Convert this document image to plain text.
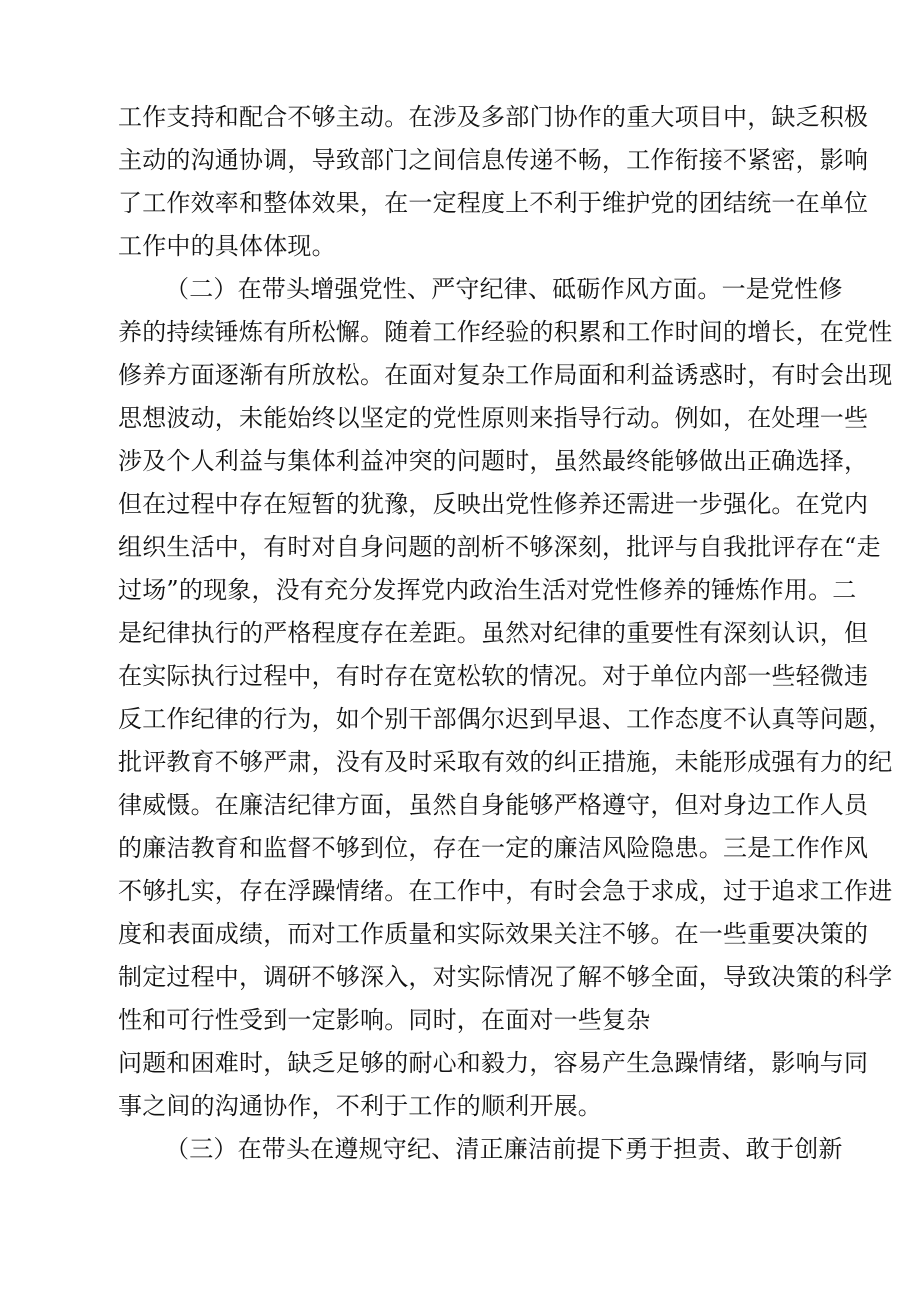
工作支持和配合不够主动。在涉及多部门协作的重大项目中，缺乏积极
主动的沟通协调，导致部门之间信息传递不畅，工作衔接不紧密，影响
了工作效率和整体效果，在一定程度上不利于维护党的团结统一在单位
工作中的具体体现。
（二）在带头增强党性、严守纪律、砥砺作风方面。一是党性修
养的持续锤炼有所松懈。随着工作经验的积累和工作时间的增长，在党性
修养方面逐渐有所放松。在面对复杂工作局面和利益诱惑时，有时会出现
思想波动，未能始终以坚定的党性原则来指导行动。例如，在处理一些
涉及个人利益与集体利益冲突的问题时，虽然最终能够做出正确选择，
但在过程中存在短暂的犹豫，反映出党性修养还需进一步强化。在党内
组织生活中，有时对自身问题的剖析不够深刻，批评与自我批评存在“走
过场”的现象，没有充分发挥党内政治生活对党性修养的锤炼作用。二
是纪律执行的严格程度存在差距。虽然对纪律的重要性有深刻认识，但
在实际执行过程中，有时存在宽松软的情况。对于单位内部一些轻微违
反工作纪律的行为，如个别干部偶尔迟到早退、工作态度不认真等问题，
批评教育不够严肃，没有及时采取有效的纠正措施，未能形成强有力的纪
律威慑。在廉洁纪律方面，虽然自身能够严格遵守，但对身边工作人员
的廉洁教育和监督不够到位，存在一定的廉洁风险隐患。三是工作作风
不够扎实，存在浮躁情绪。在工作中，有时会急于求成，过于追求工作进
度和表面成绩，而对工作质量和实际效果关注不够。在一些重要决策的
制定过程中，调研不够深入，对实际情况了解不够全面，导致决策的科学
性和可行性受到一定影响。同时，在面对一些复杂
问题和困难时，缺乏足够的耐心和毅力，容易产生急躁情绪，影响与同
事之间的沟通协作，不利于工作的顺利开展。
（三）在带头在遵规守纪、清正廉洁前提下勇于担责、敢于创新
